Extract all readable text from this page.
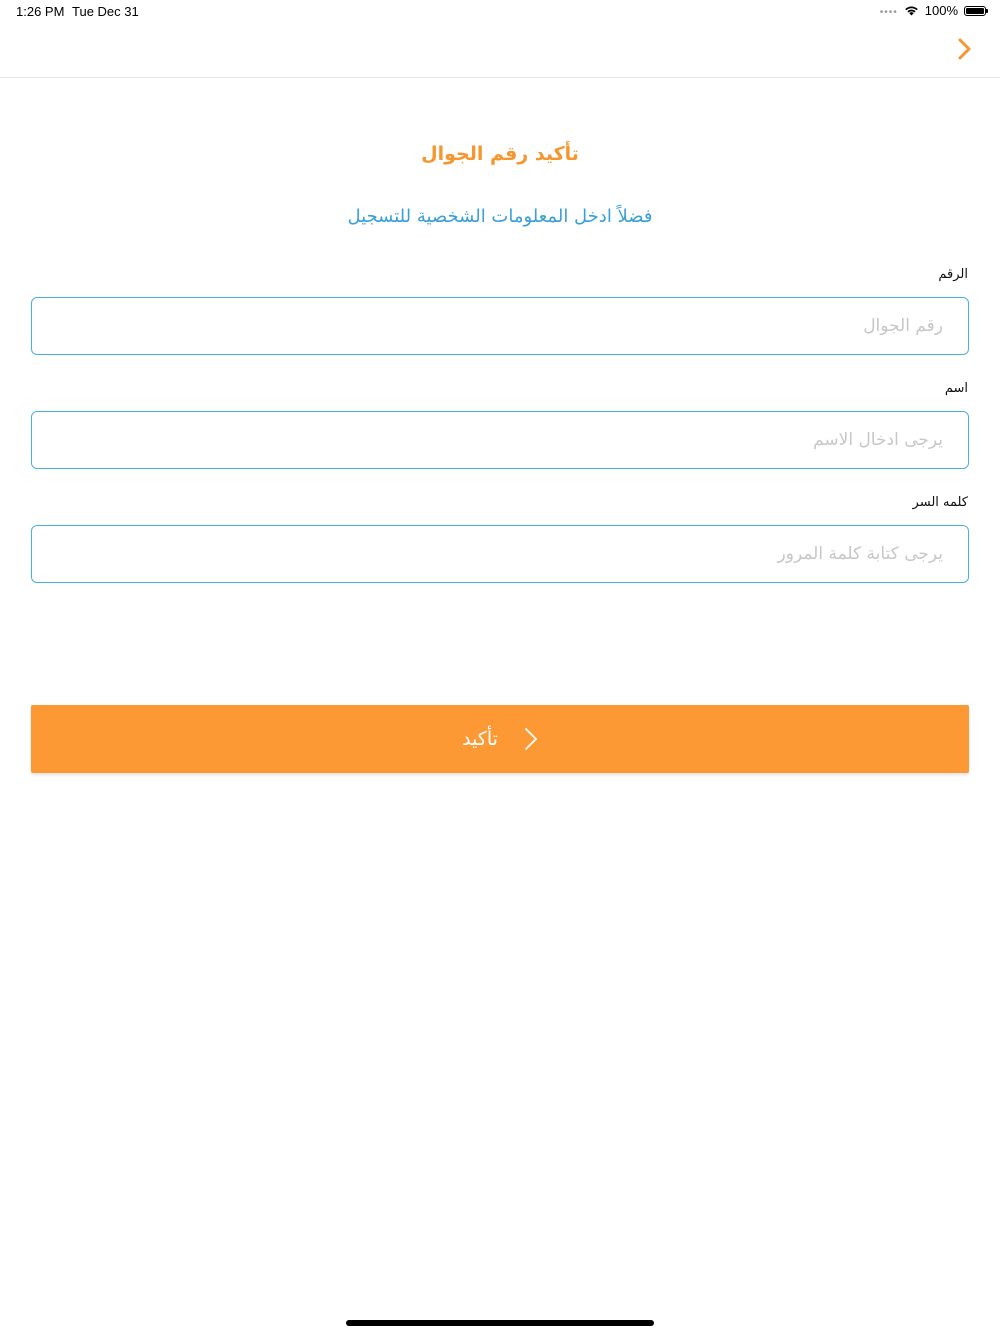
1:26 PM Tue Dec 31	•••• 100%
تأكيد رقم الجوال
فضلاً ادخل المعلومات الشخصية للتسجيل
الرقم
رقم الجوال
اسم
يرجى ادخال الاسم
كلمه السر
تأكيد
